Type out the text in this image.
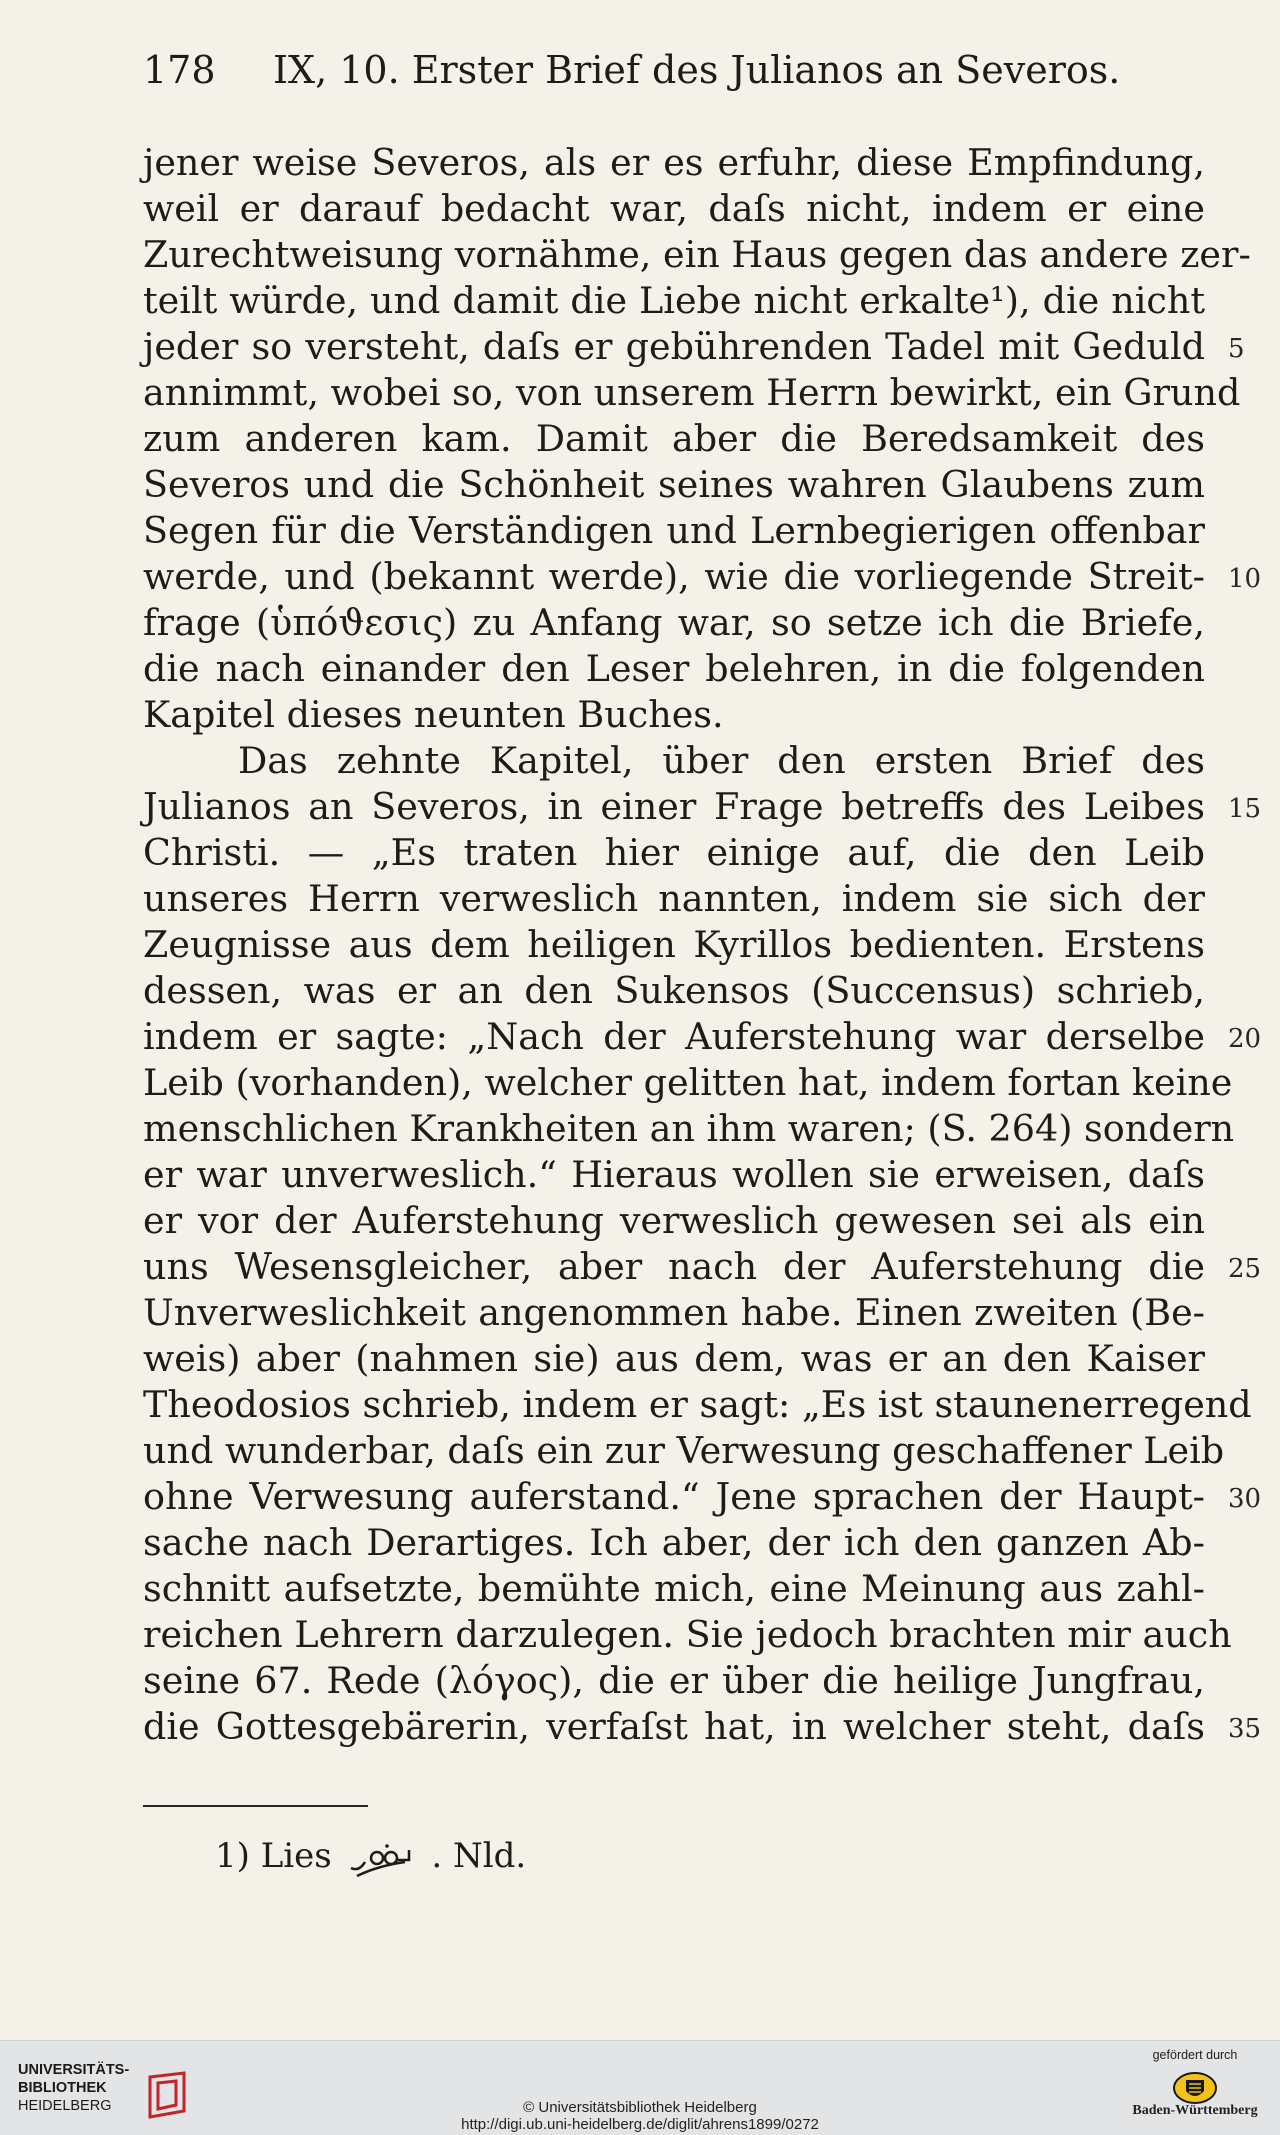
178 IX, 10. Erster Brief des Julianos an Severos.
jener weise Severos, als er es erfuhr, diese Empfindung,
weil er darauf bedacht war, daſs nicht, indem er eine
Zurechtweisung vornähme, ein Haus gegen das andere zer-
teilt würde, und damit die Liebe nicht erkalte¹), die nicht
jeder so versteht, daſs er gebührenden Tadel mit Geduld 5
annimmt, wobei so, von unserem Herrn bewirkt, ein Grund
zum anderen kam. Damit aber die Beredsamkeit des
Severos und die Schönheit seines wahren Glaubens zum
Segen für die Verständigen und Lernbegierigen offenbar
werde, und (bekannt werde), wie die vorliegende Streit- 10
frage (ὑπόϑεσις) zu Anfang war, so setze ich die Briefe,
die nach einander den Leser belehren, in die folgenden
Kapitel dieses neunten Buches.
Das zehnte Kapitel, über den ersten Brief des
Julianos an Severos, in einer Frage betreffs des Leibes 15
Christi. — „Es traten hier einige auf, die den Leib
unseres Herrn verweslich nannten, indem sie sich der
Zeugnisse aus dem heiligen Kyrillos bedienten. Erstens
dessen, was er an den Sukensos (Succensus) schrieb,
indem er sagte: „Nach der Auferstehung war derselbe 20
Leib (vorhanden), welcher gelitten hat, indem fortan keine
menschlichen Krankheiten an ihm waren; (S. 264) sondern
er war unverweslich.“ Hieraus wollen sie erweisen, daſs
er vor der Auferstehung verweslich gewesen sei als ein
uns Wesensgleicher, aber nach der Auferstehung die 25
Unverweslichkeit angenommen habe. Einen zweiten (Be-
weis) aber (nahmen sie) aus dem, was er an den Kaiser
Theodosios schrieb, indem er sagt: „Es ist staunenerregend
und wunderbar, daſs ein zur Verwesung geschaffener Leib
ohne Verwesung auferstand.“ Jene sprachen der Haupt- 30
sache nach Derartiges. Ich aber, der ich den ganzen Ab-
schnitt aufsetzte, bemühte mich, eine Meinung aus zahl-
reichen Lehrern darzulegen. Sie jedoch brachten mir auch
seine 67. Rede (λόγος), die er über die heilige Jungfrau,
die Gottesgebärerin, verfaſst hat, in welcher steht, daſs 35
1) Lies	. Nld.
UNIVERSITÄTS-
BIBLIOTHEK
HEIDELBERG	© Universitätsbibliothek Heidelberg
http://digi.ub.uni-heidelberg.de/diglit/ahrens1899/0272
gefördert durch
Baden-Württemberg
